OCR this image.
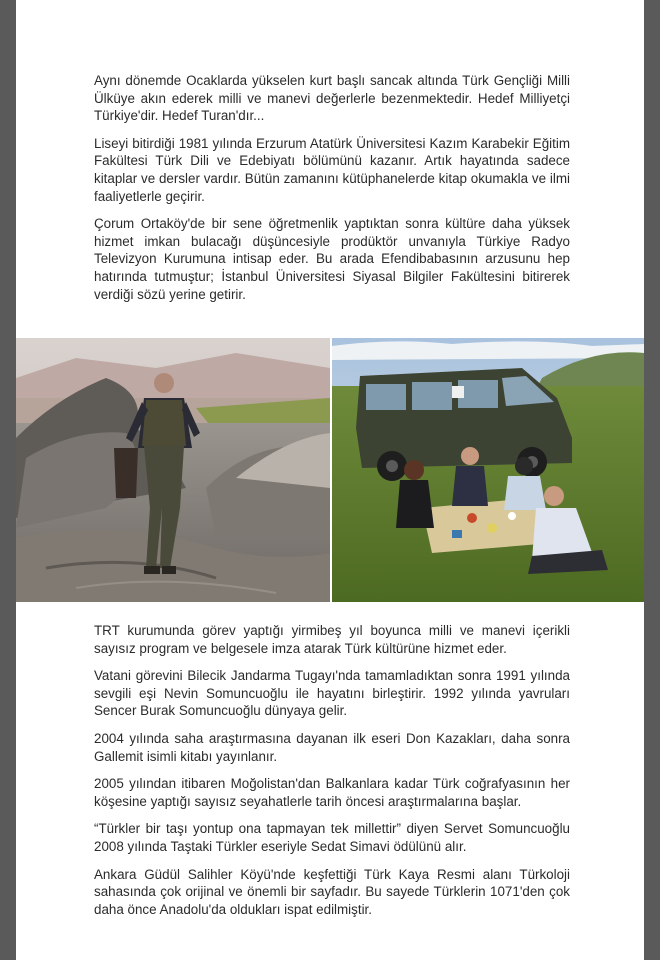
Aynı dönemde Ocaklarda yükselen kurt başlı sancak altında Türk Gençliği Milli Ülküye akın ederek milli ve manevi değerlerle bezenmektedir. Hedef Milliyetçi Türkiye'dir. Hedef Turan'dır...

Liseyi bitirdiği 1981 yılında Erzurum Atatürk Üniversitesi Kazım Karabekir Eğitim Fakültesi Türk Dili ve Edebiyatı bölümünü kazanır. Artık hayatında sadece kitaplar ve dersler vardır. Bütün zamanını kütüphanelerde kitap okumakla ve ilmi faaliyetlerle geçirir.

Çorum Ortaköy'de bir sene öğretmenlik yaptıktan sonra kültüre daha yüksek hizmet imkan bulacağı düşüncesiyle prodüktör unvanıyla Türkiye Radyo Televizyon Kurumuna intisap eder. Bu arada Efendibabasının arzusunu hep hatırında tutmuştur; İstanbul Üniversitesi Siyasal Bilgiler Fakültesini bitirerek verdiği sözü yerine getirir.

TRT kurumunda görev yaptığı yirmibeş yıl boyunca milli ve manevi içerikli sayısız program ve belgesele imza atarak Türk kültürüne hizmet eder.

Vatani görevini Bilecik Jandarma Tugayı'nda tamamladıktan sonra 1991 yılında sevgili eşi Nevin Somuncuoğlu ile hayatını birleştirir. 1992 yılında yavruları Sencer Burak Somuncuoğlu dünyaya gelir.

2004 yılında saha araştırmasına dayanan ilk eseri Don Kazakları, daha sonra Gallemit isimli kitabı yayınlanır.

2005 yılından itibaren Moğolistan'dan Balkanlara kadar Türk coğrafyasının her köşesine yaptığı sayısız seyahatlerle tarih öncesi araştırmalarına başlar.

“Türkler bir taşı yontup ona tapmayan tek millettir” diyen Servet Somuncuoğlu 2008 yılında Taştaki Türkler eseriyle Sedat Simavi ödülünü alır.

Ankara Güdül Salihler Köyü'nde keşfettiği Türk Kaya Resmi alanı Türkoloji sahasında çok orijinal ve önemli bir sayfadır. Bu sayede Türklerin 1071'den çok daha önce Anadolu'da oldukları ispat edilmiştir.
